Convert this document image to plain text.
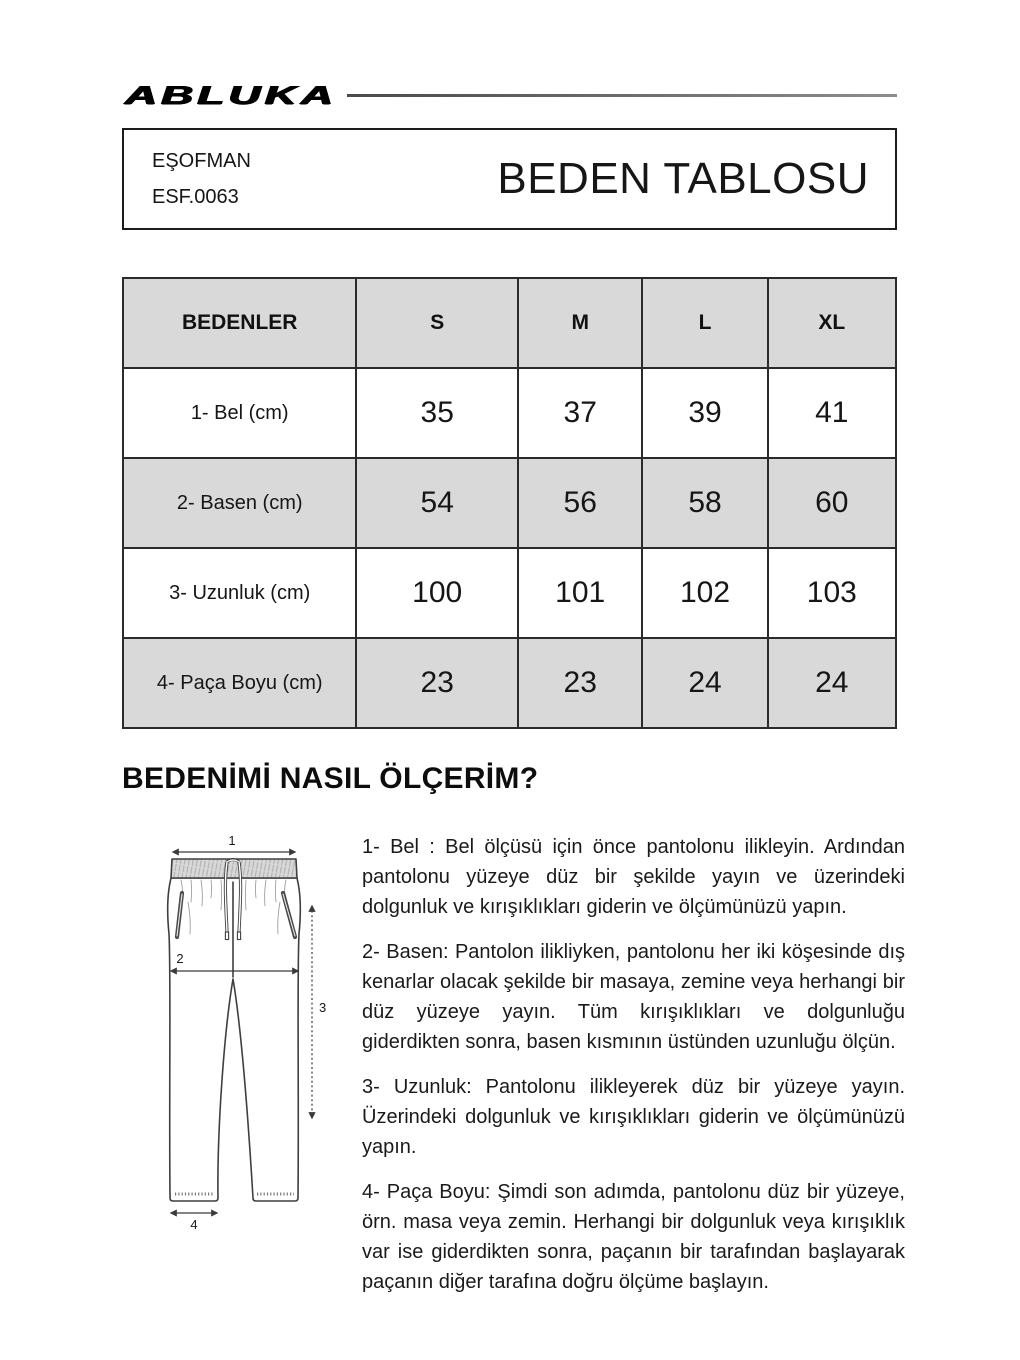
ABLUKA
EŞOFMAN
ESF.0063	BEDEN TABLOSU
BEDENLER	S	M	L	XL
1- Bel (cm)	35	37	39	41
2- Basen (cm)	54	56	58	60
3- Uzunluk (cm)	100	101	102	103
4- Paça Boyu (cm)	23	23	24	24
BEDENİMİ NASIL ÖLÇERİM?
1
2
3
4

1- Bel : Bel ölçüsü için önce pantolonu ilikleyin. Ardından pantolonu yüzeye düz bir şekilde yayın ve üzerindeki dolgunluk ve kırışıklıkları giderin ve ölçümünüzü yapın.

2- Basen: Pantolon ilikliyken, pantolonu her iki köşesinde dış kenarlar olacak şekilde bir masaya, zemine veya herhangi bir düz yüzeye yayın. Tüm kırışıklıkları ve dolgunluğu giderdikten sonra, basen kısmının üstünden uzunluğu ölçün.

3- Uzunluk: Pantolonu ilikleyerek düz bir yüzeye yayın. Üzerindeki dolgunluk ve kırışıklıkları giderin ve ölçümünüzü yapın.

4- Paça Boyu: Şimdi son adımda, pantolonu düz bir yüzeye, örn. masa veya zemin. Herhangi bir dolgunluk veya kırışıklık var ise giderdikten sonra, paçanın bir tarafından başlayarak paçanın diğer tarafına doğru ölçüme başlayın.
